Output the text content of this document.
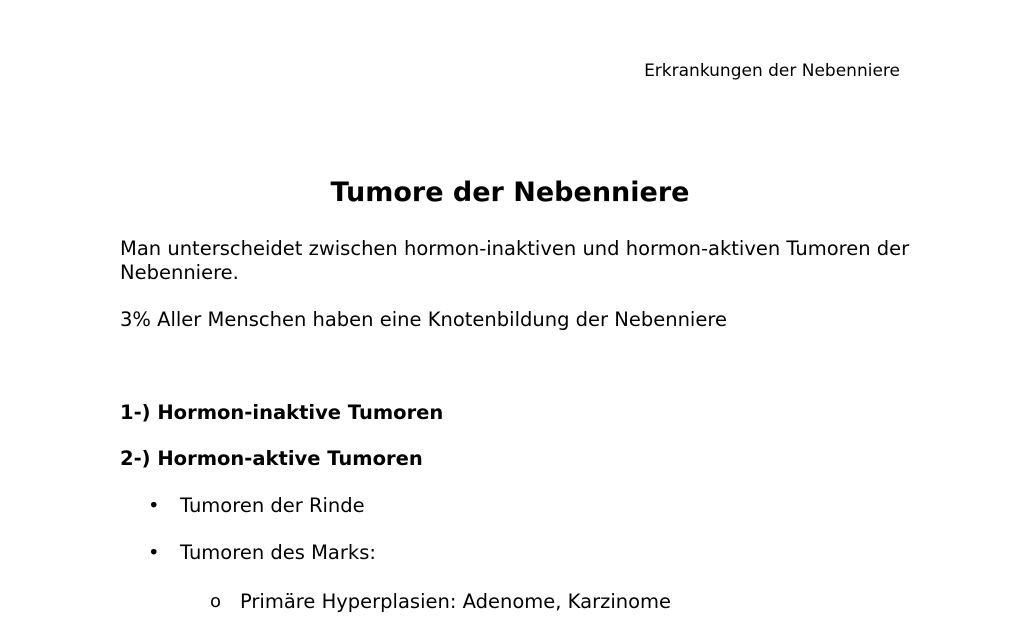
Erkrankungen der Nebenniere
Tumore der Nebenniere

Man unterscheidet zwischen hormon-inaktiven und hormon-aktiven Tumoren der Nebenniere.

3% Aller Menschen haben eine Knotenbildung der Nebenniere

1-) Hormon-inaktive Tumoren
2-) Hormon-aktive Tumoren
• Tumoren der Rinde
• Tumoren des Marks:
o Primäre Hyperplasien: Adenome, Karzinome
